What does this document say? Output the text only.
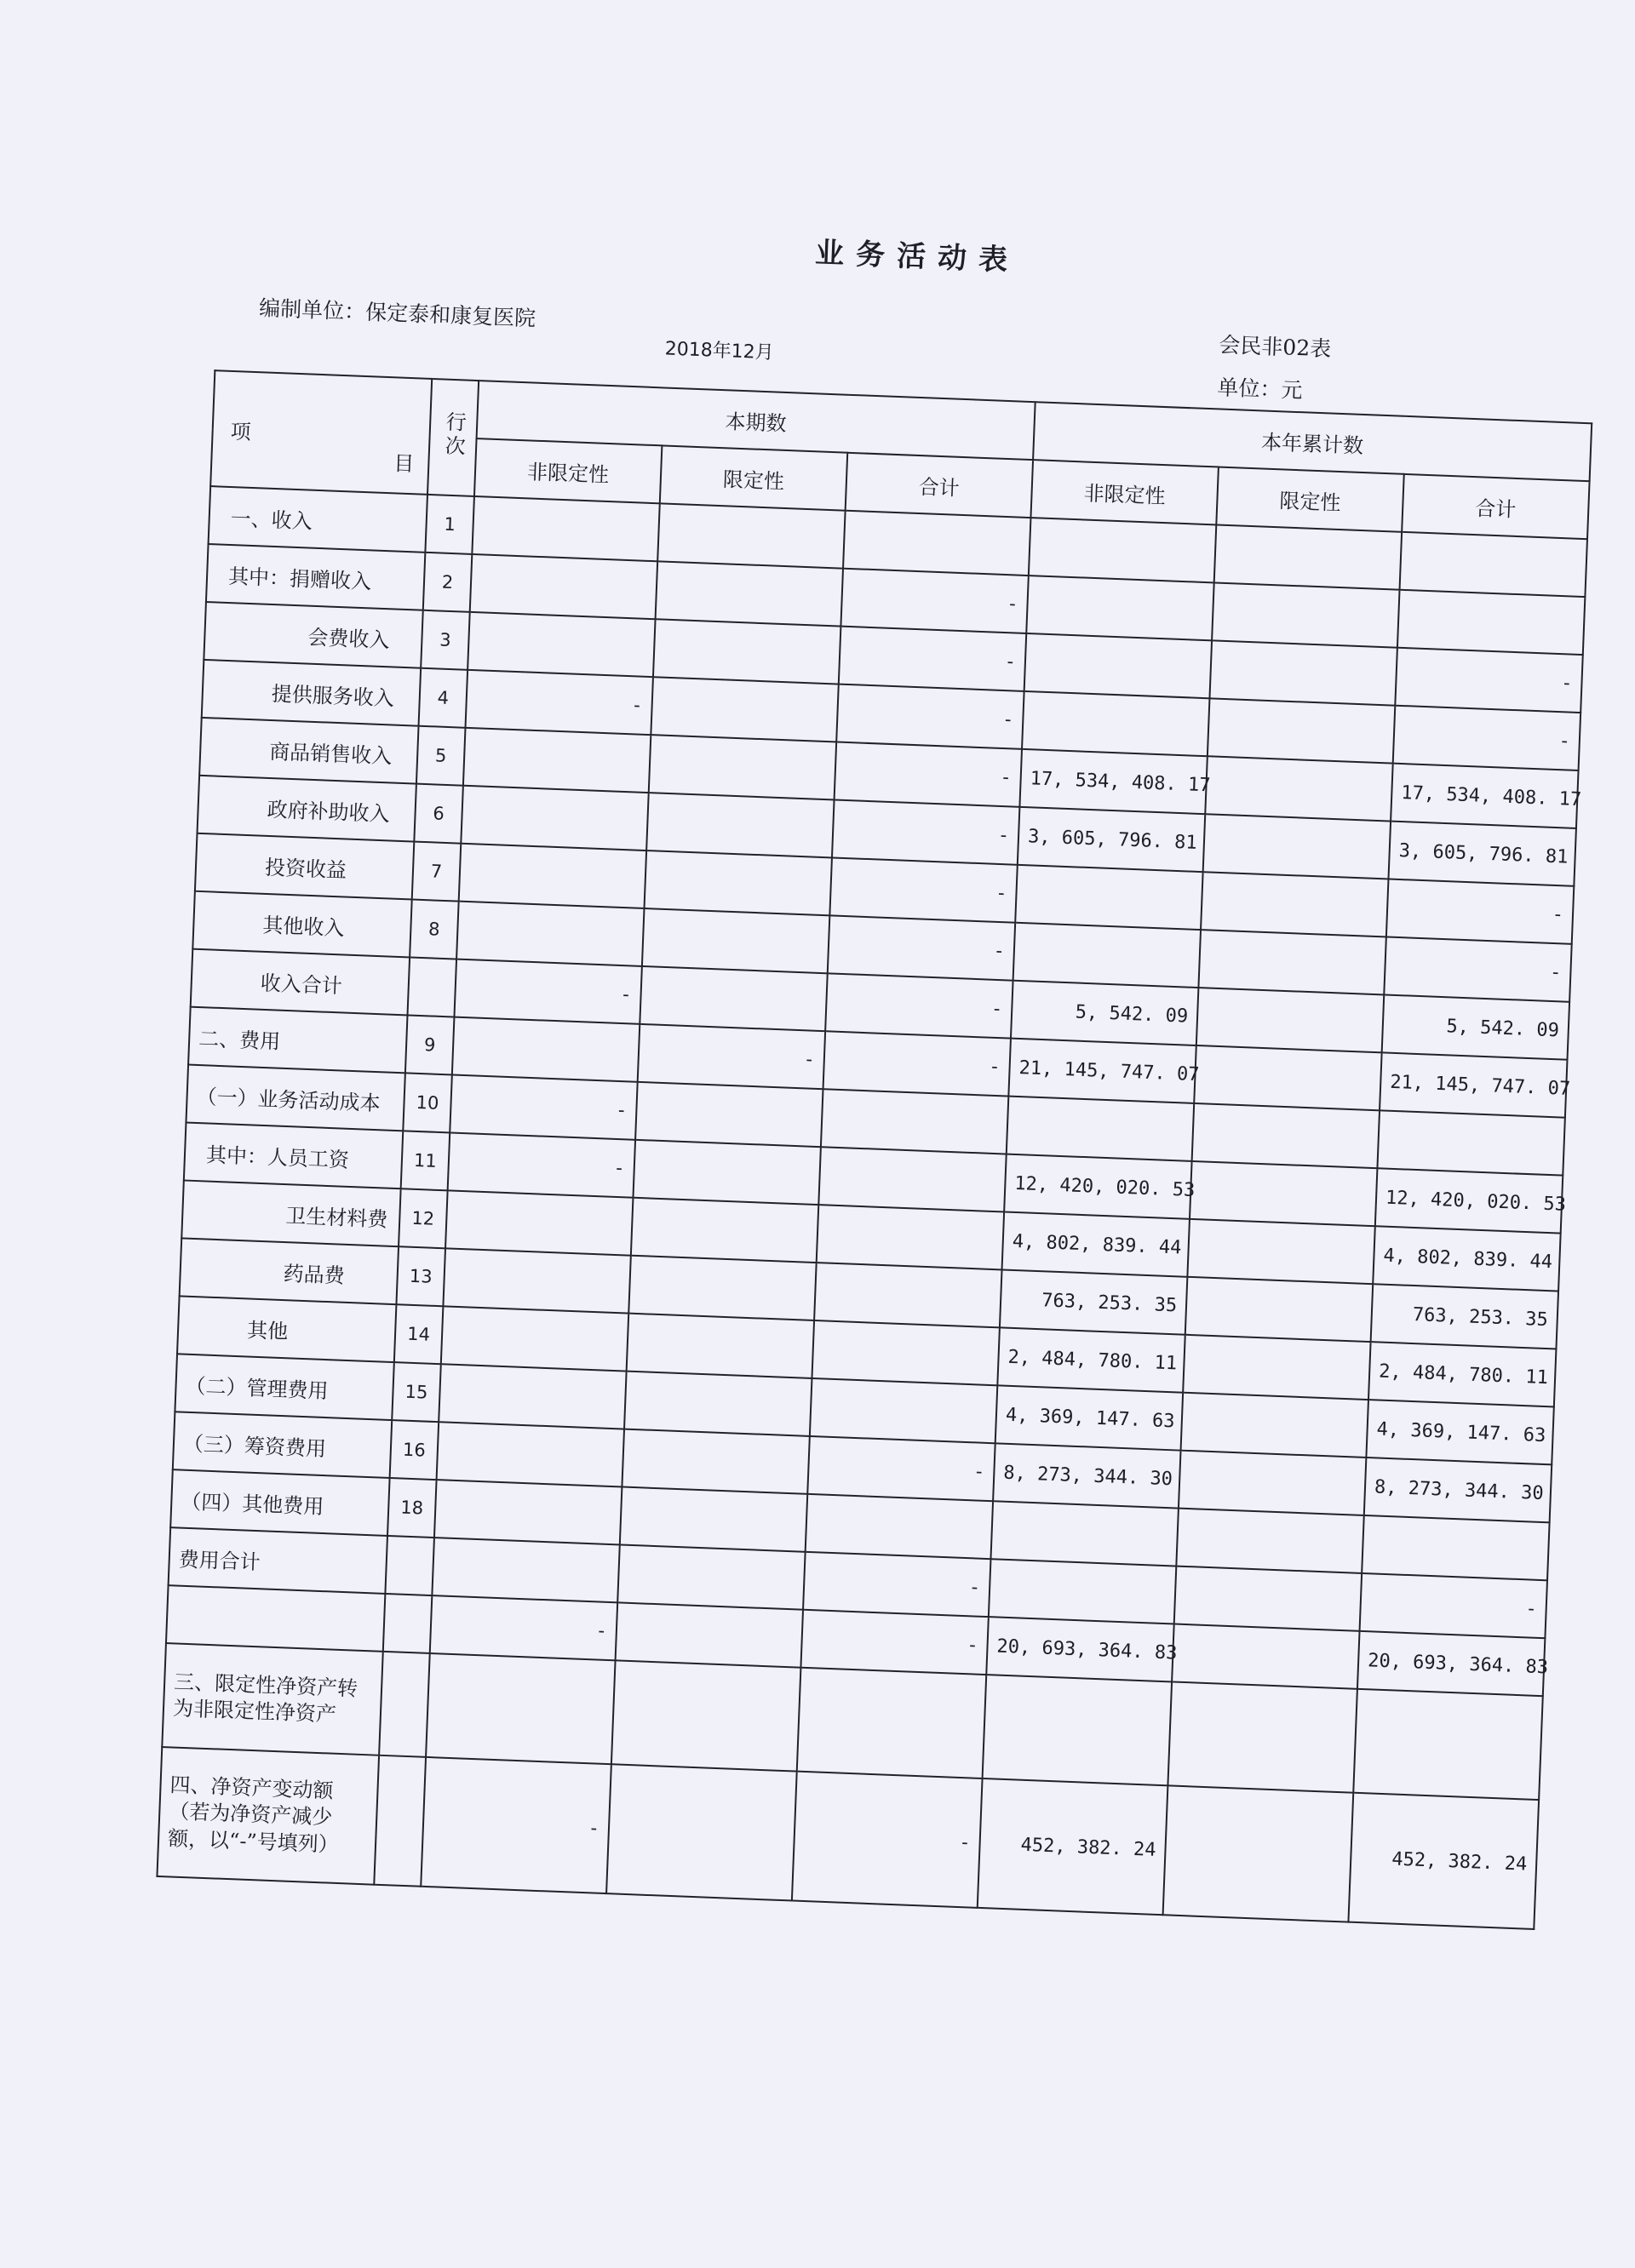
业务活动表
编制单位：保定泰和康复医院
会民非02表
2018年12月
单位：元
项
目	行次	本期数			本年累计数		
		非限定性	限定性	合计	非限定性	限定性	合计
一、收入	1						
其中：捐赠收入	2			-			
会费收入	3			-			-
提供服务收入	4	-		-			-
商品销售收入	5			-	17, 534, 408. 17		17, 534, 408. 17
政府补助收入	6			-	3, 605, 796. 81		3, 605, 796. 81
投资收益	7			-			-
其他收入	8			-			-
收入合计		-		-	5, 542. 09		5, 542. 09
二、费用	9		-	-	21, 145, 747. 07		21, 145, 747. 07
（一）业务活动成本	10	-					
其中：人员工资	11	-			12, 420, 020. 53		12, 420, 020. 53
卫生材料费	12				4, 802, 839. 44		4, 802, 839. 44
药品费	13				763, 253. 35		763, 253. 35
其他	14				2, 484, 780. 11		2, 484, 780. 11
（二）管理费用	15				4, 369, 147. 63		4, 369, 147. 63
（三）筹资费用	16			-	8, 273, 344. 30		8, 273, 344. 30
（四）其他费用	18						
费用合计				-			-
		-		-	20, 693, 364. 83		20, 693, 364. 83
三、限定性净资产转为非限定性净资产							
四、净资产变动额（若为净资产减少额，以“-”号填列）		-		-	452, 382. 24		452, 382. 24
